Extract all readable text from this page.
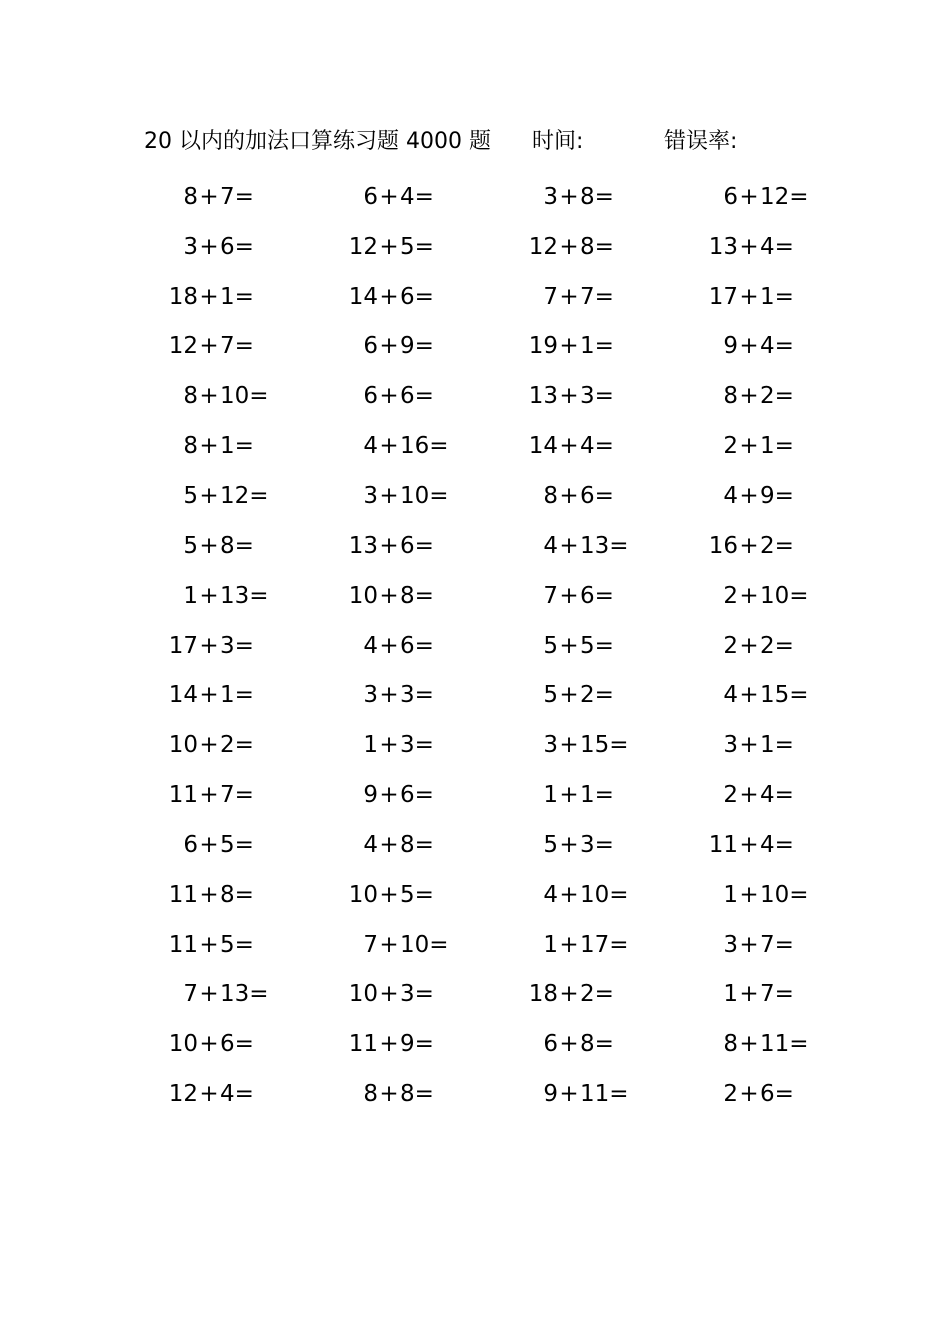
20 以内的加法口算练习题 4000 题 时间:	错误率:
8+7=	6+4=	3+8=	6+12=
3+6=	12+5=	12+8=	13+4=
18+1=	14+6=	7+7=	17+1=
12+7=	6+9=	19+1=	9+4=
8+10=	6+6=	13+3=	8+2=
8+1=	4+16=	14+4=	2+1=
5+12=	3+10=	8+6=	4+9=
5+8=	13+6=	4+13=	16+2=
1+13=	10+8=	7+6=	2+10=
17+3=	4+6=	5+5=	2+2=
14+1=	3+3=	5+2=	4+15=
10+2=	1+3=	3+15=	3+1=
11+7=	9+6=	1+1=	2+4=
6+5=	4+8=	5+3=	11+4=
11+8=	10+5=	4+10=	1+10=
11+5=	7+10=	1+17=	3+7=
7+13=	10+3=	18+2=	1+7=
10+6=	11+9=	6+8=	8+11=
12+4=	8+8=	9+11=	2+6=
